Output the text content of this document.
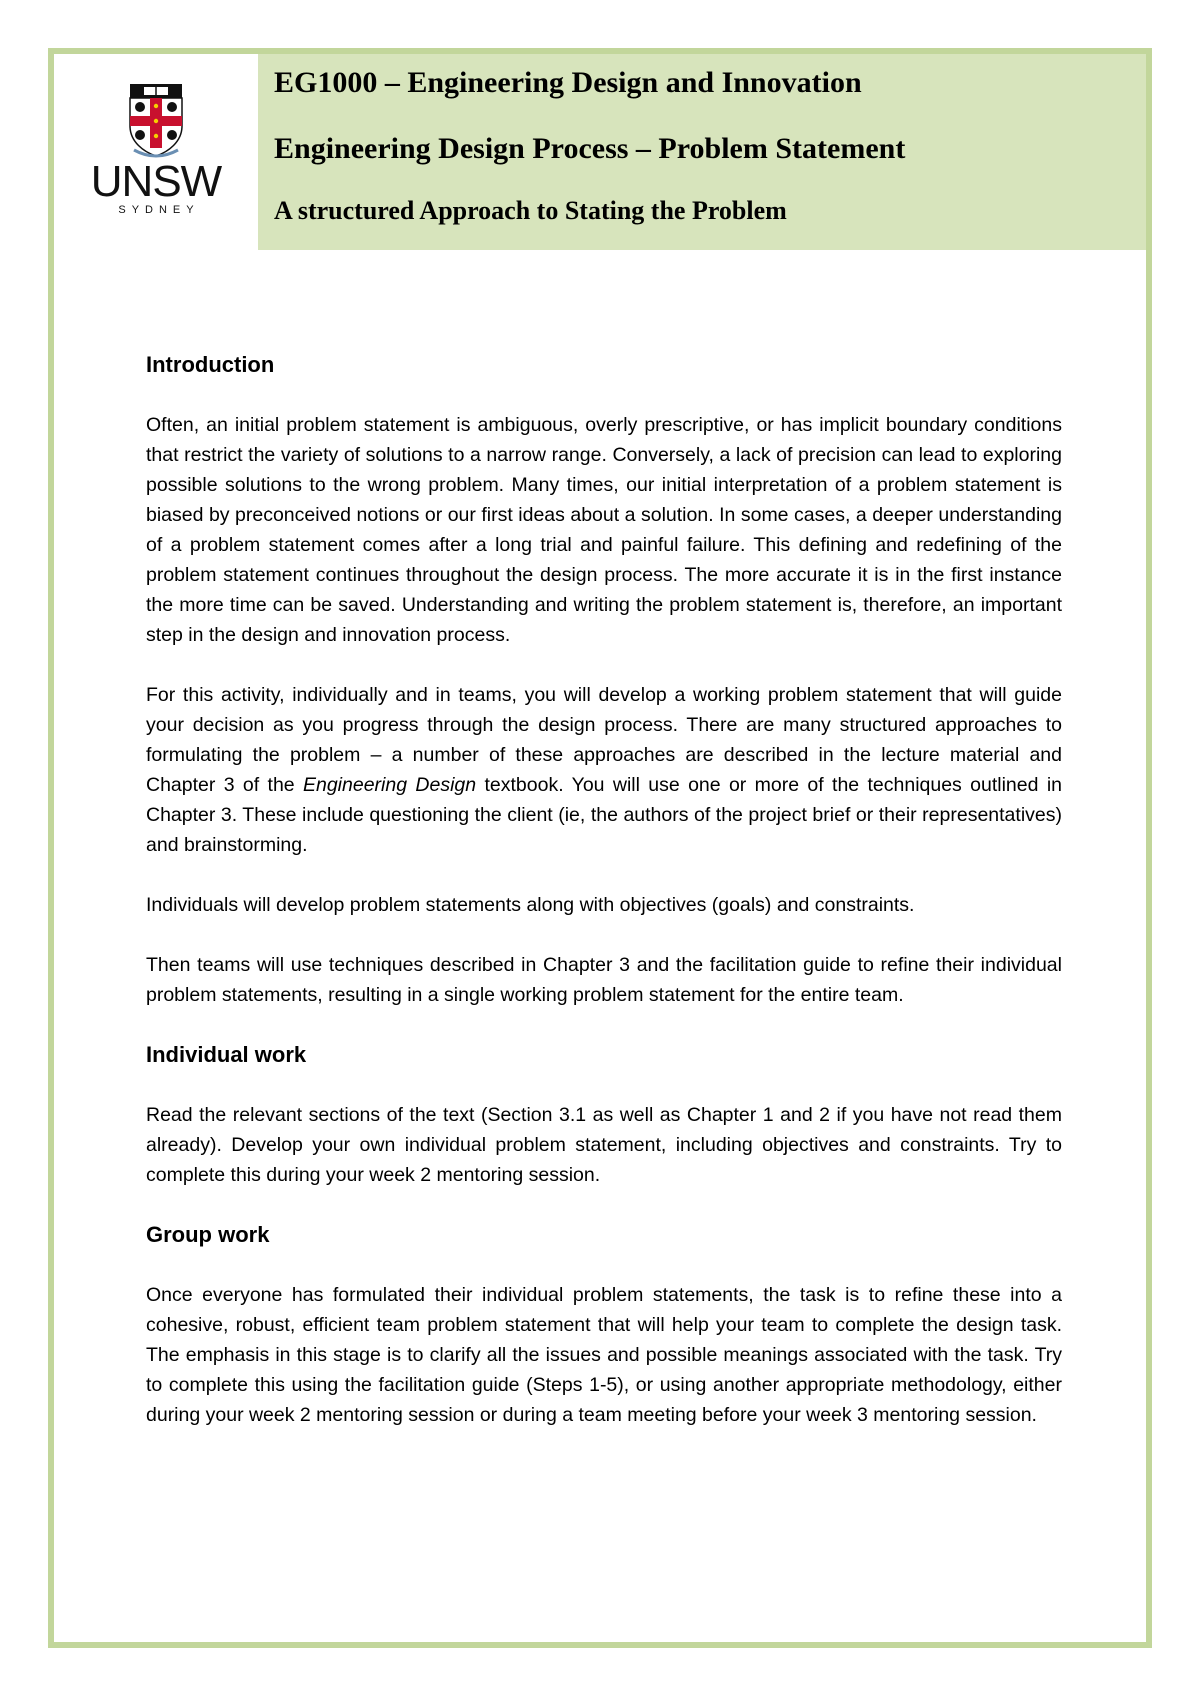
UNSW
SYDNEY
EG1000 – Engineering Design and Innovation
Engineering Design Process – Problem Statement
A structured Approach to Stating the Problem
Introduction

Often, an initial problem statement is ambiguous, overly prescriptive, or has implicit boundary conditions that restrict the variety of solutions to a narrow range. Conversely, a lack of precision can lead to exploring possible solutions to the wrong problem. Many times, our initial interpretation of a problem statement is biased by preconceived notions or our first ideas about a solution. In some cases, a deeper understanding of a problem statement comes after a long trial and painful failure. This defining and redefining of the problem statement continues throughout the design process. The more accurate it is in the first instance the more time can be saved. Understanding and writing the problem statement is, therefore, an important step in the design and innovation process.

For this activity, individually and in teams, you will develop a working problem statement that will guide your decision as you progress through the design process. There are many structured approaches to formulating the problem – a number of these approaches are described in the lecture material and Chapter 3 of the Engineering Design textbook. You will use one or more of the techniques outlined in Chapter 3. These include questioning the client (ie, the authors of the project brief or their representatives) and brainstorming.

Individuals will develop problem statements along with objectives (goals) and constraints.

Then teams will use techniques described in Chapter 3 and the facilitation guide to refine their individual problem statements, resulting in a single working problem statement for the entire team.

Individual work

Read the relevant sections of the text (Section 3.1 as well as Chapter 1 and 2 if you have not read them already). Develop your own individual problem statement, including objectives and constraints. Try to complete this during your week 2 mentoring session.

Group work

Once everyone has formulated their individual problem statements, the task is to refine these into a cohesive, robust, efficient team problem statement that will help your team to complete the design task. The emphasis in this stage is to clarify all the issues and possible meanings associated with the task. Try to complete this using the facilitation guide (Steps 1-5), or using another appropriate methodology, either during your week 2 mentoring session or during a team meeting before your week 3 mentoring session.
